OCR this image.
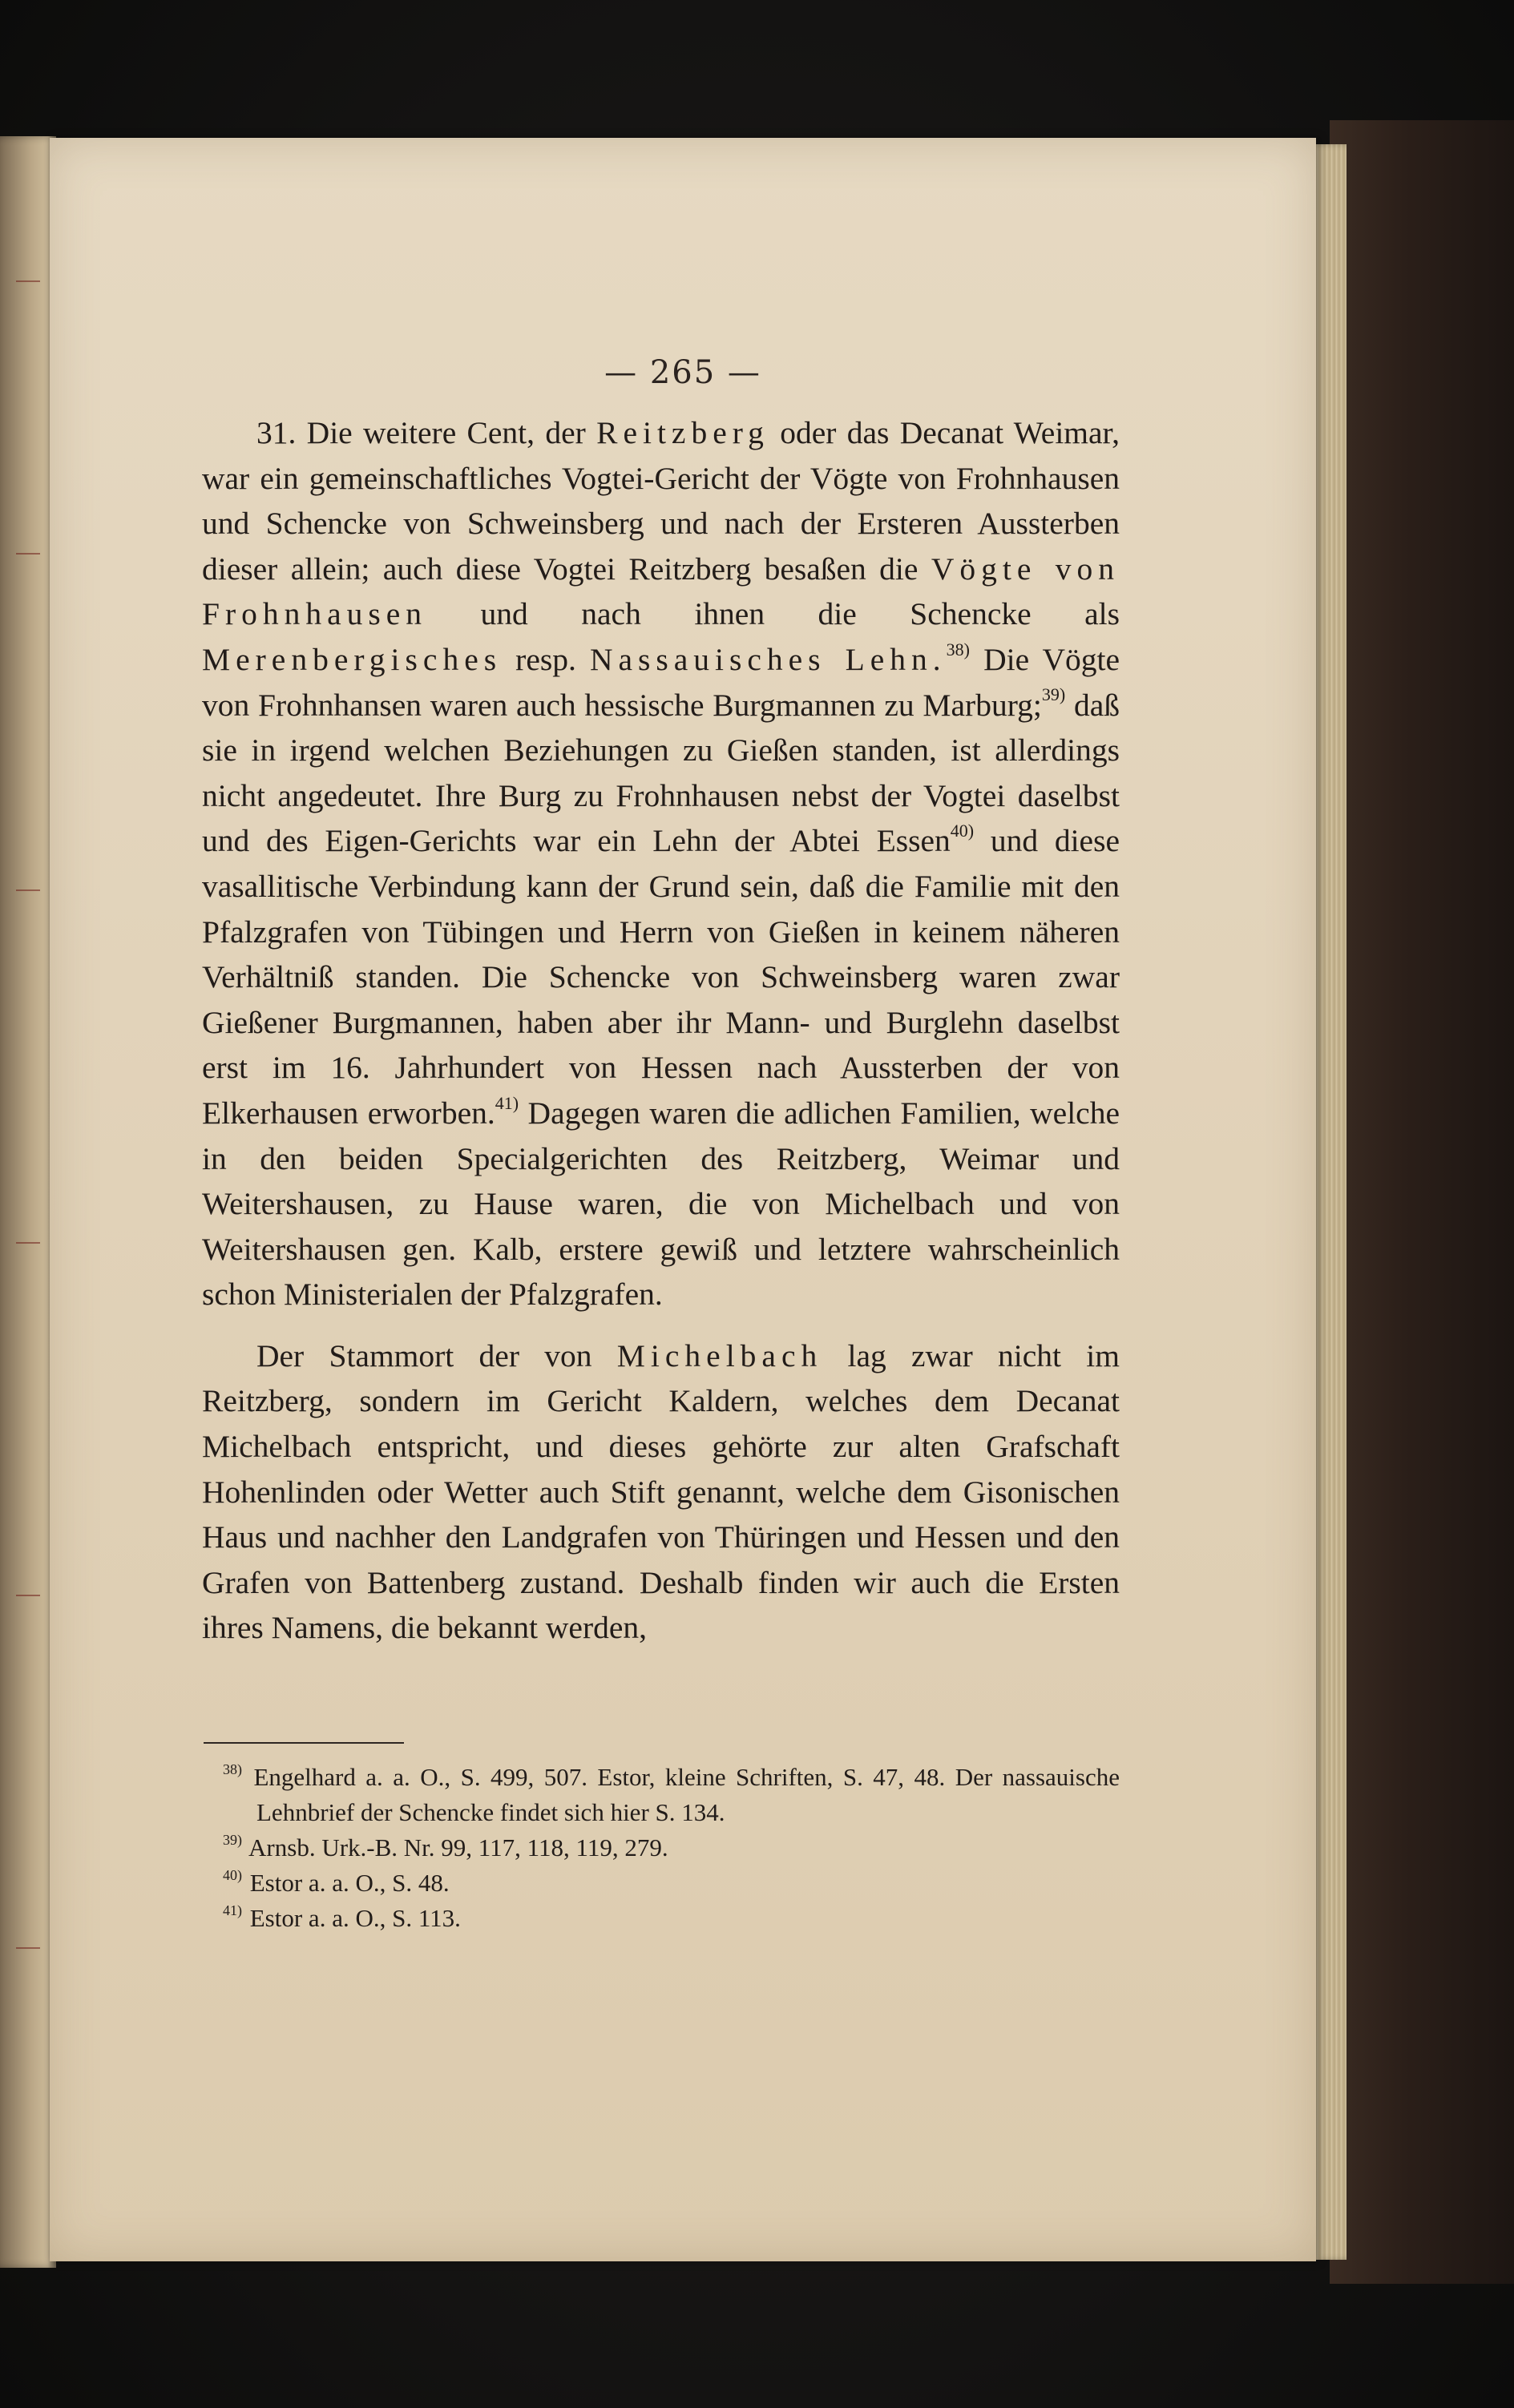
— 265 —

31. Die weitere Cent, der Reitzberg oder das Decanat Weimar, war ein gemeinschaftliches Vogtei-Gericht der Vögte von Frohnhausen und Schencke von Schweinsberg und nach der Ersteren Aussterben dieser allein; auch diese Vogtei Reitzberg besaßen die Vögte von Frohnhausen und nach ihnen die Schencke als Merenbergisches resp. Nassauisches Lehn.$^{38)}$ Die Vögte von Frohnhansen waren auch hessische Burgmannen zu Marburg;$^{39)}$ daß sie in irgend welchen Beziehungen zu Gießen standen, ist allerdings nicht angedeutet. Ihre Burg zu Frohnhausen nebst der Vogtei daselbst und des Eigen-Gerichts war ein Lehn der Abtei Essen$^{40)}$ und diese vasallitische Verbindung kann der Grund sein, daß die Familie mit den Pfalzgrafen von Tübingen und Herrn von Gießen in keinem näheren Verhältniß standen. Die Schencke von Schweinsberg waren zwar Gießener Burgmannen, haben aber ihr Mann- und Burglehn daselbst erst im 16. Jahrhundert von Hessen nach Aussterben der von Elkerhausen erworben.$^{41)}$ Dagegen waren die adlichen Familien, welche in den beiden Specialgerichten des Reitzberg, Weimar und Weitershausen, zu Hause waren, die von Michelbach und von Weitershausen gen. Kalb, erstere gewiß und letztere wahrscheinlich schon Ministerialen der Pfalzgrafen.

Der Stammort der von Michelbach lag zwar nicht im Reitzberg, sondern im Gericht Kaldern, welches dem Decanat Michelbach entspricht, und dieses gehörte zur alten Grafschaft Hohenlinden oder Wetter auch Stift genannt, welche dem Gisonischen Haus und nachher den Landgrafen von Thüringen und Hessen und den Grafen von Battenberg zustand. Deshalb finden wir auch die Ersten ihres Namens, die bekannt werden,

$^{38)}$ Engelhard a. a. O., S. 499, 507. Estor, kleine Schriften, S. 47, 48. Der nassauische Lehnbrief der Schencke findet sich hier S. 134.

$^{39)}$ Arnsb. Urk.-B. Nr. 99, 117, 118, 119, 279.

$^{40)}$ Estor a. a. O., S. 48.

$^{41)}$ Estor a. a. O., S. 113.
